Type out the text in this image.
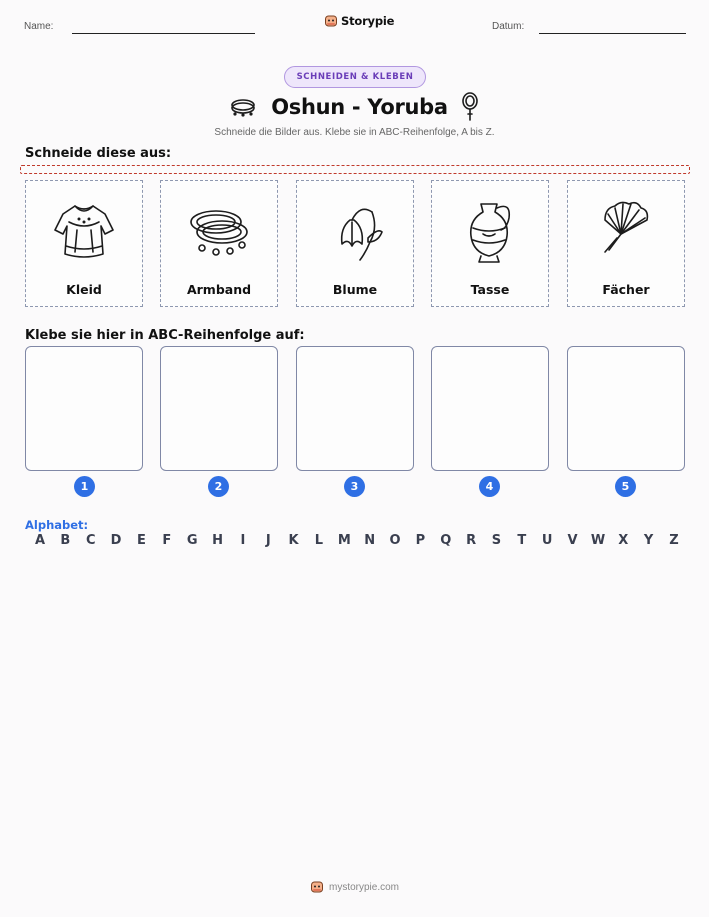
Name:	Storypie	Datum:
SCHNEIDEN & KLEBEN
Oshun - Yoruba
Schneide die Bilder aus. Klebe sie in ABC-Reihenfolge, A bis Z.
Schneide diese aus:
Kleid	Armband	Blume	Tasse	Fächer
Klebe sie hier in ABC-Reihenfolge auf:
1	2	3	4	5
Alphabet:
A B C D E F G H	I	J	K L M N O P Q R S T U V W X Y Z
mystorypie.com
